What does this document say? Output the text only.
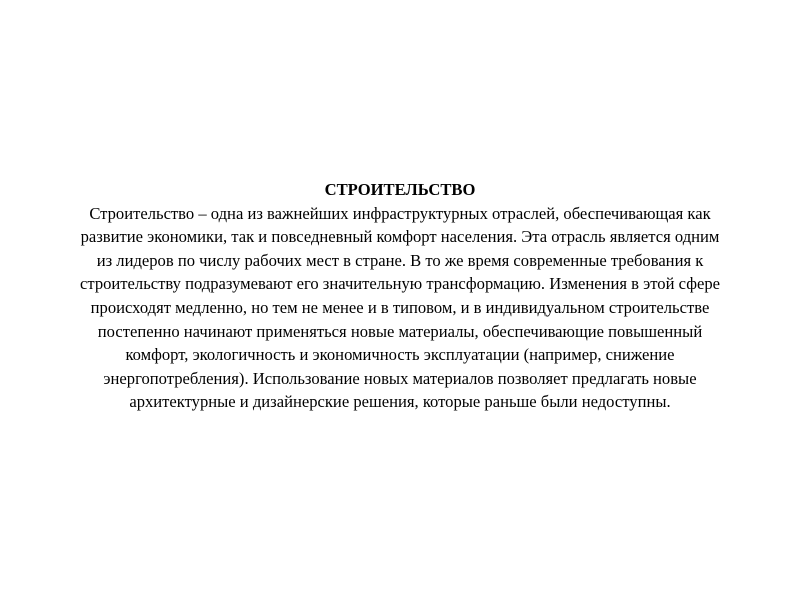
СТРОИТЕЛЬСТВО
Строительство – одна из важнейших инфраструктурных отраслей, обеспечивающая как
развитие экономики, так и повседневный комфорт населения. Эта отрасль является одним
из лидеров по числу рабочих мест в стране. В то же время современные требования к
строительству подразумевают его значительную трансформацию. Изменения в этой сфере
происходят медленно, но тем не менее и в типовом, и в индивидуальном строительстве
постепенно начинают применяться новые материалы, обеспечивающие повышенный
комфорт, экологичность и экономичность эксплуатации (например, снижение
энергопотребления). Использование новых материалов позволяет предлагать новые
архитектурные и дизайнерские решения, которые раньше были недоступны.
